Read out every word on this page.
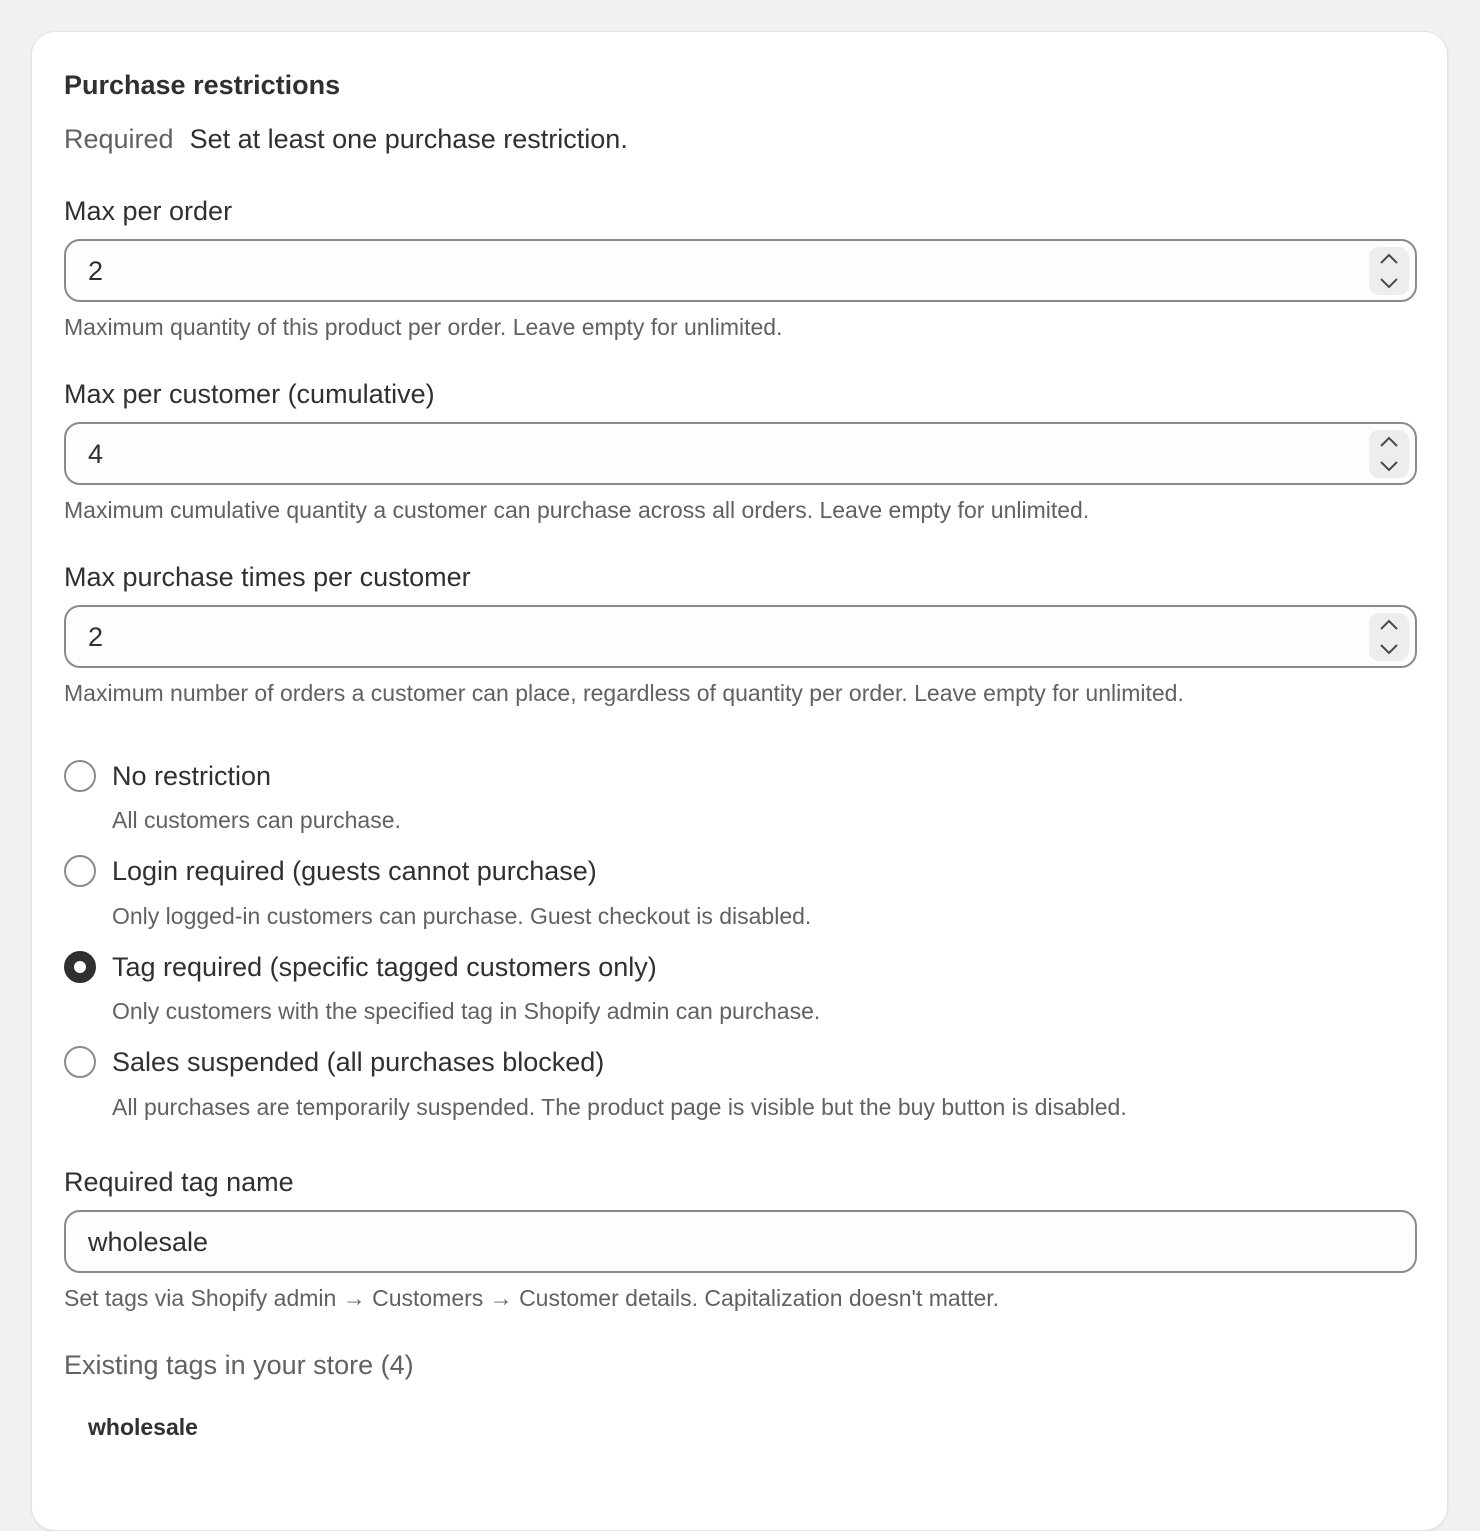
Purchase restrictions
Required Set at least one purchase restriction.
Max per order
2
Maximum quantity of this product per order. Leave empty for unlimited.
Max per customer (cumulative)
4
Maximum cumulative quantity a customer can purchase across all orders. Leave empty for unlimited.
Max purchase times per customer
2
Maximum number of orders a customer can place, regardless of quantity per order. Leave empty for unlimited.
No restriction
All customers can purchase.
Login required (guests cannot purchase)
Only logged-in customers can purchase. Guest checkout is disabled.
Tag required (specific tagged customers only)
Only customers with the specified tag in Shopify admin can purchase.
Sales suspended (all purchases blocked)
All purchases are temporarily suspended. The product page is visible but the buy button is disabled.
Required tag name
wholesale
Set tags via Shopify admin → Customers → Customer details. Capitalization doesn't matter.
Existing tags in your store (4)
wholesale
